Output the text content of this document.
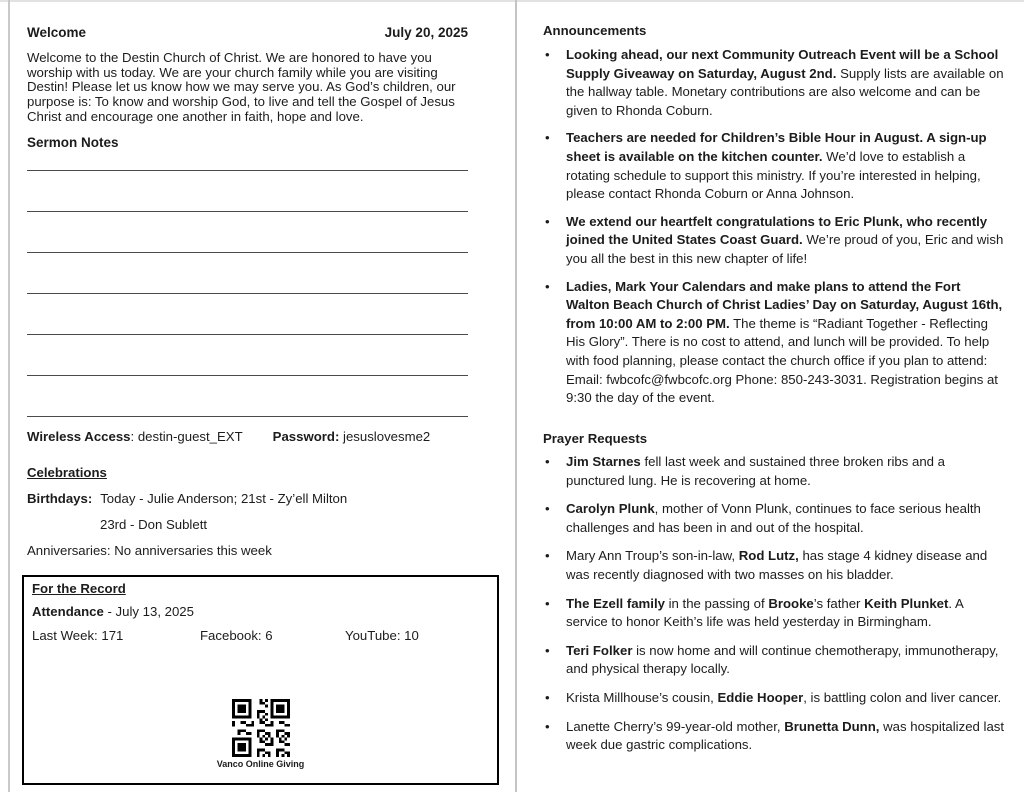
Welcome	July 20, 2025
Welcome to the Destin Church of Christ. We are honored to have you worship with us today. We are your church family while you are visiting Destin! Please let us know how we may serve you. As God’s children, our purpose is: To know and worship God, to live and tell the Gospel of Jesus Christ and encourage one another in faith, hope and love.
Sermon Notes
Wireless Access: destin-guest_EXT Password: jesuslovesme2
Celebrations
Birthdays: Today - Julie Anderson; 21st - Zy’ell Milton
23rd - Don Sublett
Anniversaries: No anniversaries this week
For the Record
Attendance - July 13, 2025
Last Week: 171	Facebook: 6	YouTube: 10
Vanco Online Giving
Announcements
•	Looking ahead, our next Community Outreach Event will be a School Supply Giveaway on Saturday, August 2nd. Supply lists are available on the hallway table. Monetary contributions are also welcome and can be given to Rhonda Coburn.
•	Teachers are needed for Children’s Bible Hour in August. A sign-up sheet is available on the kitchen counter. We’d love to establish a rotating schedule to support this ministry. If you’re interested in helping, please contact Rhonda Coburn or Anna Johnson.
•	We extend our heartfelt congratulations to Eric Plunk, who recently joined the United States Coast Guard. We’re proud of you, Eric and wish you all the best in this new chapter of life!
•	Ladies, Mark Your Calendars and make plans to attend the Fort Walton Beach Church of Christ Ladies’ Day on Saturday, August 16th, from 10:00 AM to 2:00 PM. The theme is “Radiant Together - Reflecting His Glory”. There is no cost to attend, and lunch will be provided. To help with food planning, please contact the church office if you plan to attend: Email: fwbcofc@fwbcofc.org Phone: 850-243-3031. Registration begins at 9:30 the day of the event.
Prayer Requests
•	Jim Starnes fell last week and sustained three broken ribs and a punctured lung. He is recovering at home.
•	Carolyn Plunk, mother of Vonn Plunk, continues to face serious health challenges and has been in and out of the hospital.
•	Mary Ann Troup’s son-in-law, Rod Lutz, has stage 4 kidney disease and was recently diagnosed with two masses on his bladder.
•	The Ezell family in the passing of Brooke’s father Keith Plunket. A service to honor Keith’s life was held yesterday in Birmingham.
•	Teri Folker is now home and will continue chemotherapy, immunotherapy, and physical therapy locally.
•	Krista Millhouse’s cousin, Eddie Hooper, is battling colon and liver cancer.
•	Lanette Cherry’s 99-year-old mother, Brunetta Dunn, was hospitalized last week due gastric complications.
